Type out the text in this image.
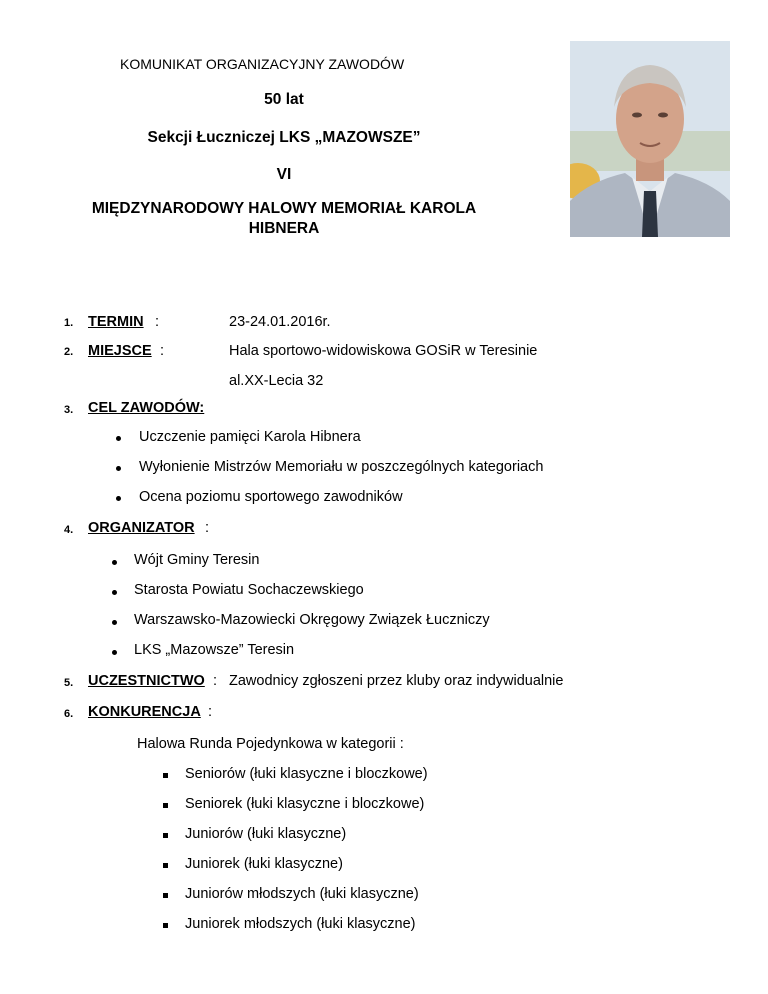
KOMUNIKAT ORGANIZACYJNY ZAWODÓW
50 lat
Sekcji Łuczniczej LKS „MAZOWSZE”
VI
MIĘDZYNARODOWY HALOWY MEMORIAŁ KAROLA
HIBNERA
1. TERMIN :	23-24.01.2016r.
2. MIEJSCE :	Hala sportowo-widowiskowa GOSiR w Teresinie
al.XX-Lecia 32
3. CEL ZAWODÓW:
Uczczenie pamięci Karola Hibnera
Wyłonienie Mistrzów Memoriału w poszczególnych kategoriach
Ocena poziomu sportowego zawodników
4. ORGANIZATOR :
Wójt Gminy Teresin
Starosta Powiatu Sochaczewskiego
Warszawsko-Mazowiecki Okręgowy Związek Łuczniczy
LKS „Mazowsze” Teresin
5. UCZESTNICTWO : Zawodnicy zgłoszeni przez kluby oraz indywidualnie
6. KONKURENCJA :
Halowa Runda Pojedynkowa w kategorii :
Seniorów (łuki klasyczne i bloczkowe)
Seniorek (łuki klasyczne i bloczkowe)
Juniorów (łuki klasyczne)
Juniorek (łuki klasyczne)
Juniorów młodszych (łuki klasyczne)
Juniorek młodszych (łuki klasyczne)
